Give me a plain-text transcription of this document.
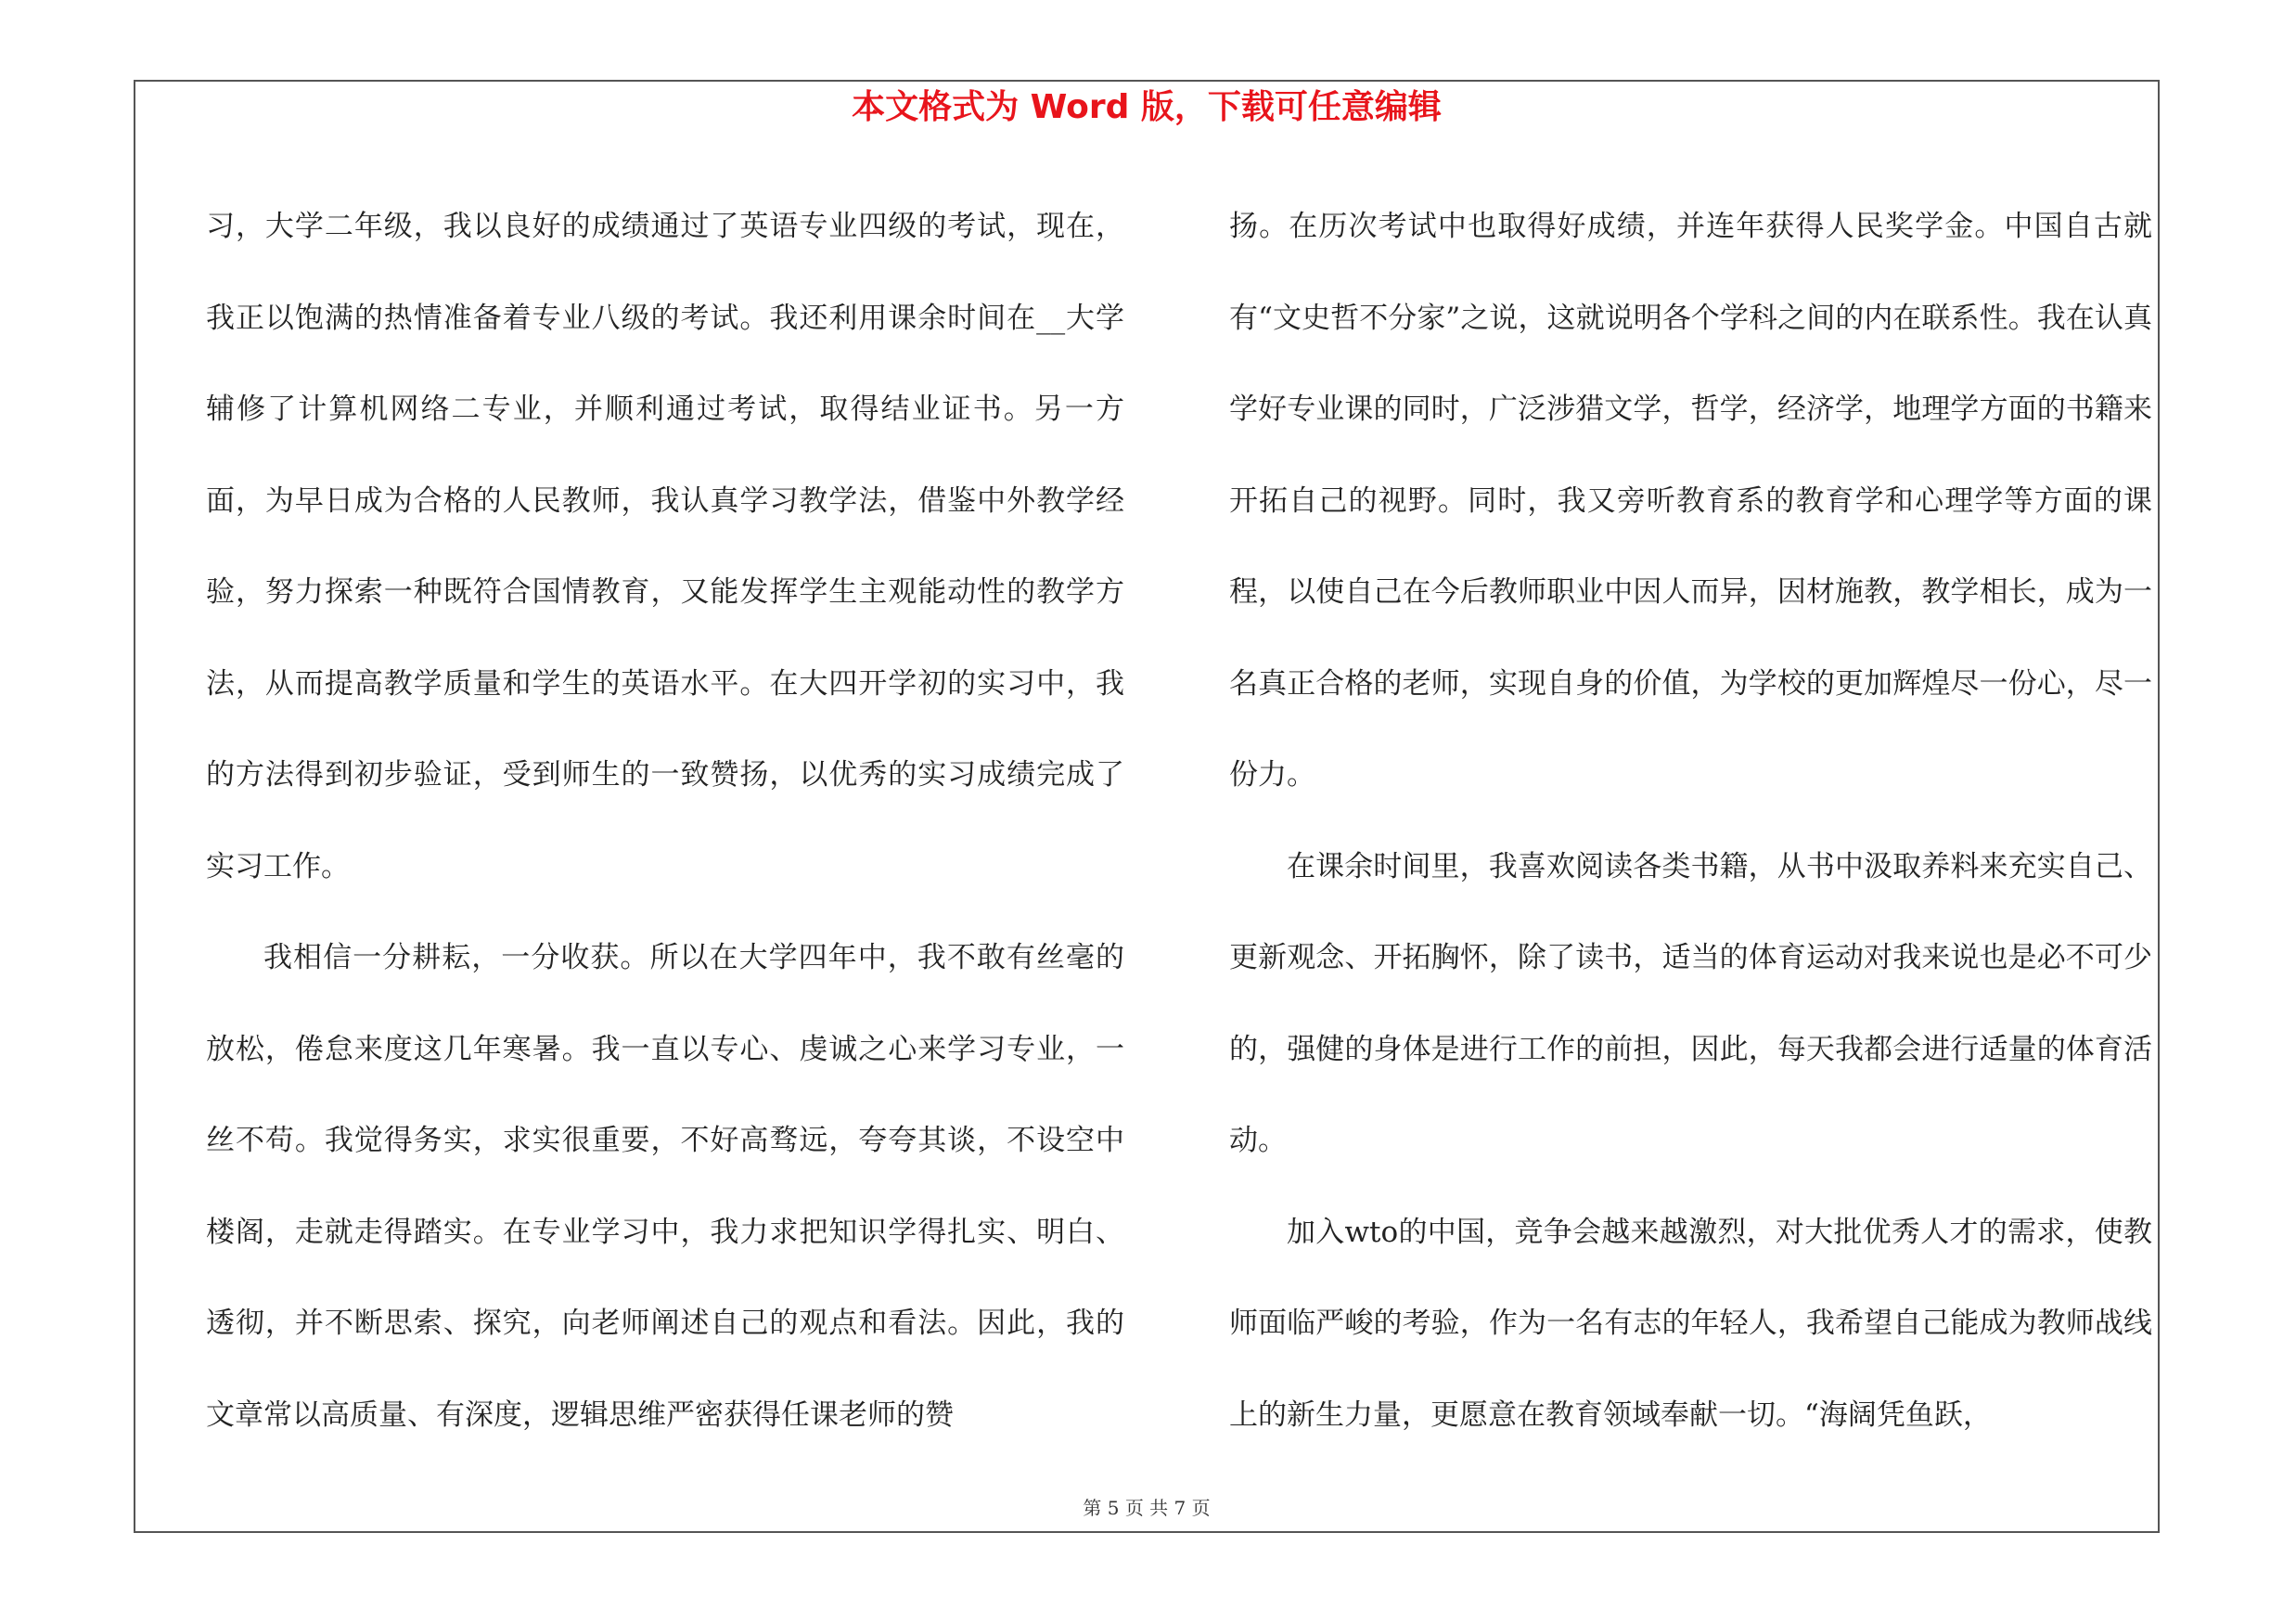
本文格式为 Word 版，下载可任意编辑

习，大学二年级，我以良好的成绩通过了英语专业四级的考试，现在，我正以饱满的热情准备着专业八级的考试。我还利用课余时间在__大学辅修了计算机网络二专业，并顺利通过考试，取得结业证书。另一方面，为早日成为合格的人民教师，我认真学习教学法，借鉴中外教学经验，努力探索一种既符合国情教育，又能发挥学生主观能动性的教学方法，从而提高教学质量和学生的英语水平。在大四开学初的实习中，我的方法得到初步验证，受到师生的一致赞扬，以优秀的实习成绩完成了实习工作。

我相信一分耕耘，一分收获。所以在大学四年中，我不敢有丝毫的放松，倦怠来度这几年寒暑。我一直以专心、虔诚之心来学习专业，一丝不苟。我觉得务实，求实很重要，不好高骛远，夸夸其谈，不设空中楼阁，走就走得踏实。在专业学习中，我力求把知识学得扎实、明白、透彻，并不断思索、探究，向老师阐述自己的观点和看法。因此，我的文章常以高质量、有深度，逻辑思维严密获得任课老师的赞

扬。在历次考试中也取得好成绩，并连年获得人民奖学金。中国自古就有“文史哲不分家”之说，这就说明各个学科之间的内在联系性。我在认真学好专业课的同时，广泛涉猎文学，哲学，经济学，地理学方面的书籍来开拓自己的视野。同时，我又旁听教育系的教育学和心理学等方面的课程，以使自己在今后教师职业中因人而异，因材施教，教学相长，成为一名真正合格的老师，实现自身的价值，为学校的更加辉煌尽一份心，尽一份力。

在课余时间里，我喜欢阅读各类书籍，从书中汲取养料来充实自己、更新观念、开拓胸怀，除了读书，适当的体育运动对我来说也是必不可少的，强健的身体是进行工作的前担，因此，每天我都会进行适量的体育活动。

加入wto的中国，竞争会越来越激烈，对大批优秀人才的需求，使教师面临严峻的考验，作为一名有志的年轻人，我希望自己能成为教师战线上的新生力量，更愿意在教育领域奉献一切。“海阔凭鱼跃，

第 5 页 共 7 页
